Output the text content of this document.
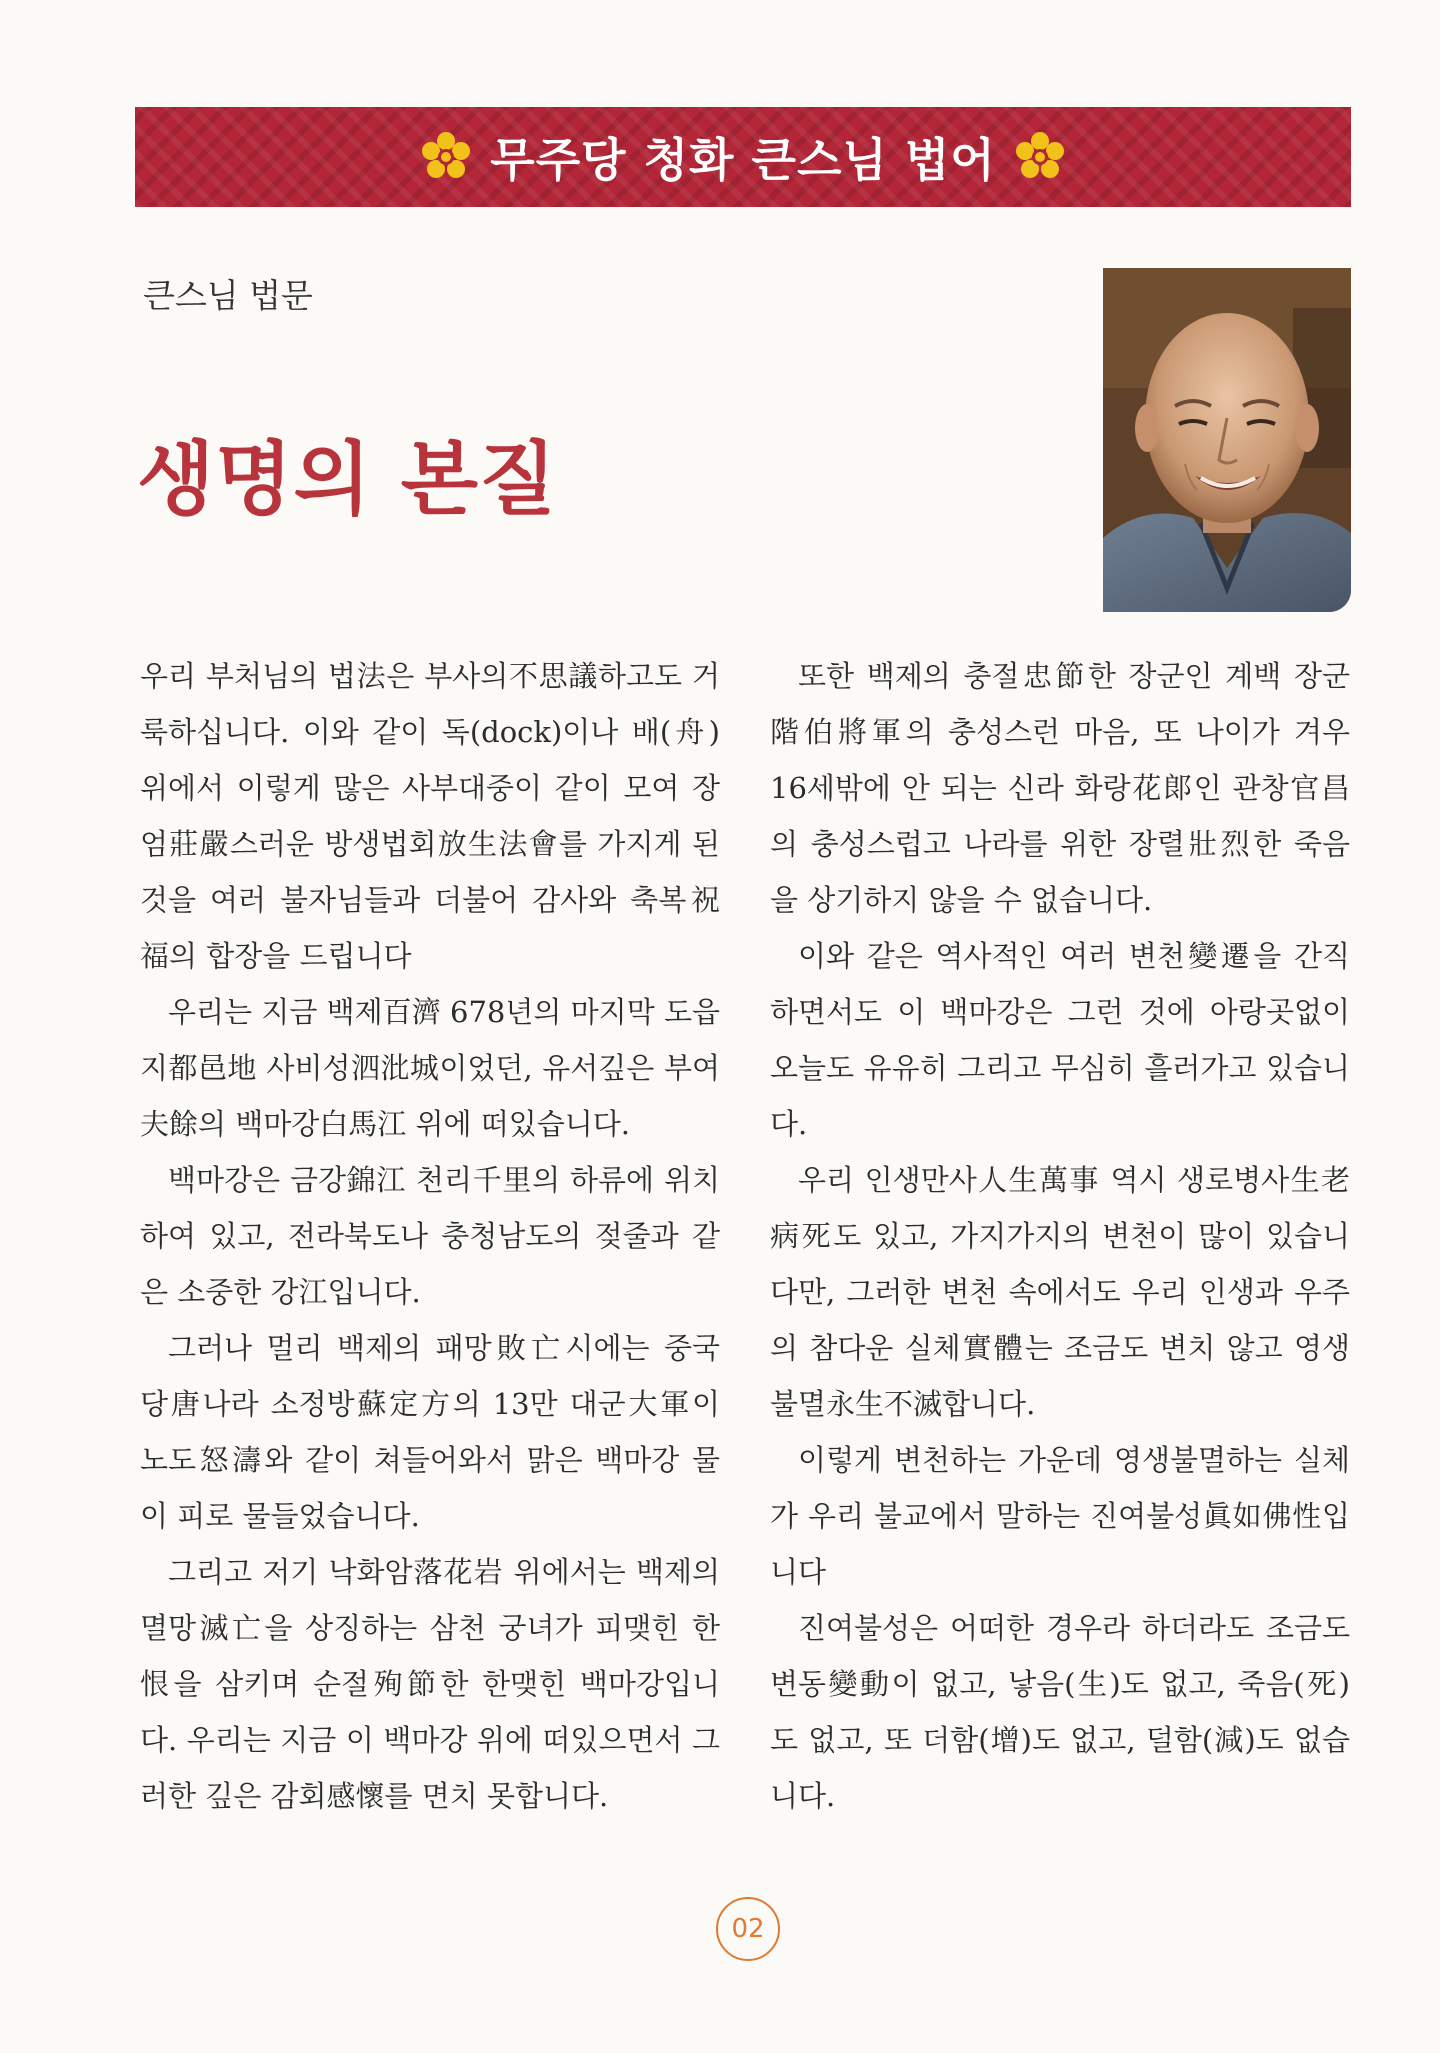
무주당 청화 큰스님 법어
큰스님 법문
생명의 본질

우리 부처님의 법法은 부사의不思議하고도 거룩하십니다. 이와 같이 독(dock)이나 배(舟)위에서 이렇게 많은 사부대중이 같이 모여 장엄莊嚴스러운 방생법회放生法會를 가지게 된 것을 여러 불자님들과 더불어 감사와 축복祝福의 합장을 드립니다

우리는 지금 백제百濟 678년의 마지막 도읍지都邑地 사비성泗沘城이었던, 유서깊은 부여夫餘의 백마강白馬江 위에 떠있습니다.

백마강은 금강錦江 천리千里의 하류에 위치하여 있고, 전라북도나 충청남도의 젖줄과 같은 소중한 강江입니다.

그러나 멀리 백제의 패망敗亡시에는 중국 당唐나라 소정방蘇定方의 13만 대군大軍이 노도怒濤와 같이 쳐들어와서 맑은 백마강 물이 피로 물들었습니다.

그리고 저기 낙화암落花岩 위에서는 백제의 멸망滅亡을 상징하는 삼천 궁녀가 피맺힌 한恨을 삼키며 순절殉節한 한맺힌 백마강입니다. 우리는 지금 이 백마강 위에 떠있으면서 그러한 깊은 감회感懷를 면치 못합니다.

또한 백제의 충절忠節한 장군인 계백 장군階伯將軍의 충성스런 마음, 또 나이가 겨우 16세밖에 안 되는 신라 화랑花郞인 관창官昌의 충성스럽고 나라를 위한 장렬壯烈한 죽음을 상기하지 않을 수 없습니다.

이와 같은 역사적인 여러 변천變遷을 간직하면서도 이 백마강은 그런 것에 아랑곳없이 오늘도 유유히 그리고 무심히 흘러가고 있습니다.

우리 인생만사人生萬事 역시 생로병사生老病死도 있고, 가지가지의 변천이 많이 있습니다만, 그러한 변천 속에서도 우리 인생과 우주의 참다운 실체實體는 조금도 변치 않고 영생불멸永生不滅합니다.

이렇게 변천하는 가운데 영생불멸하는 실체가 우리 불교에서 말하는 진여불성眞如佛性입니다

진여불성은 어떠한 경우라 하더라도 조금도 변동變動이 없고, 낳음(生)도 없고, 죽음(死)도 없고, 또 더함(增)도 없고, 덜함(減)도 없습니다.

02
